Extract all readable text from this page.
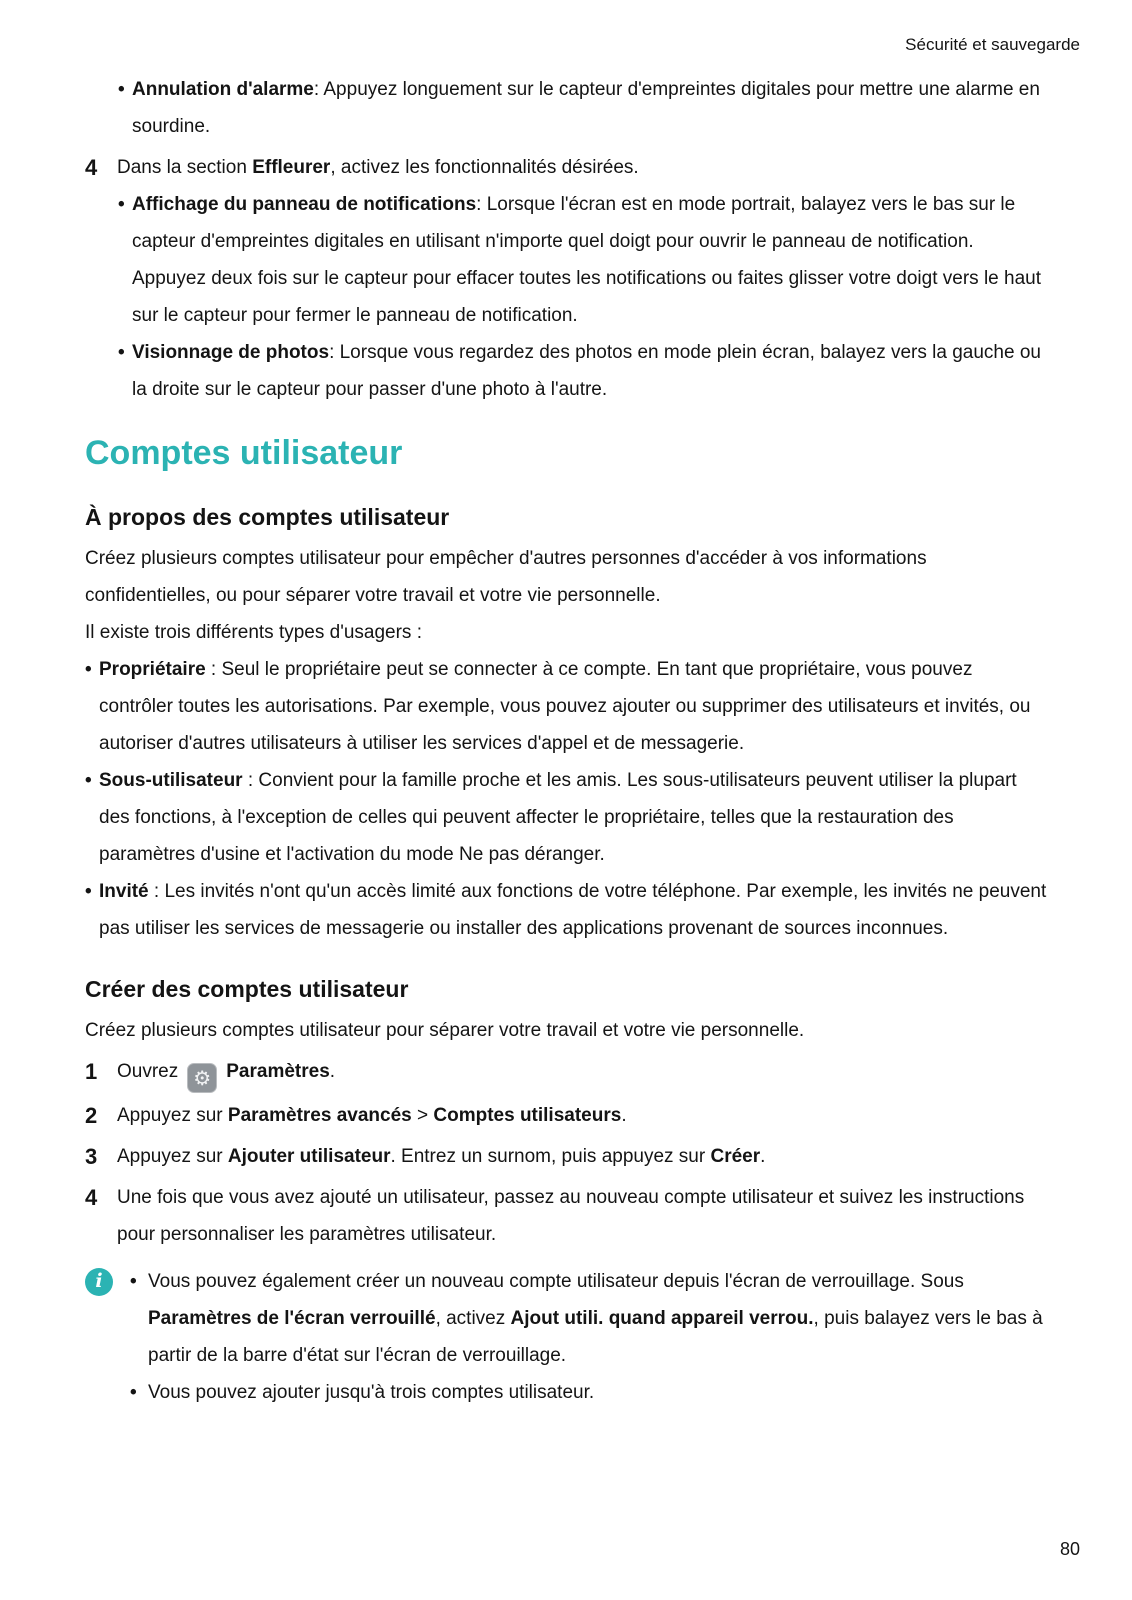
Sécurité et sauvegarde
•
Annulation d'alarme: Appuyez longuement sur le capteur d'empreintes digitales pour mettre une alarme en sourdine.
4	Dans la section Effleurer, activez les fonctionnalités désirées.
•
Affichage du panneau de notifications: Lorsque l'écran est en mode portrait, balayez vers le bas sur le capteur d'empreintes digitales en utilisant n'importe quel doigt pour ouvrir le panneau de notification. Appuyez deux fois sur le capteur pour effacer toutes les notifications ou faites glisser votre doigt vers le haut sur le capteur pour fermer le panneau de notification.
•
Visionnage de photos: Lorsque vous regardez des photos en mode plein écran, balayez vers la gauche ou la droite sur le capteur pour passer d'une photo à l'autre.
Comptes utilisateur
À propos des comptes utilisateur

Créez plusieurs comptes utilisateur pour empêcher d'autres personnes d'accéder à vos informations confidentielles, ou pour séparer votre travail et votre vie personnelle.

Il existe trois différents types d'usagers :

•
Propriétaire : Seul le propriétaire peut se connecter à ce compte. En tant que propriétaire, vous pouvez contrôler toutes les autorisations. Par exemple, vous pouvez ajouter ou supprimer des utilisateurs et invités, ou autoriser d'autres utilisateurs à utiliser les services d'appel et de messagerie.
•
Sous-utilisateur : Convient pour la famille proche et les amis. Les sous-utilisateurs peuvent utiliser la plupart des fonctions, à l'exception de celles qui peuvent affecter le propriétaire, telles que la restauration des paramètres d'usine et l'activation du mode Ne pas déranger.
•
Invité : Les invités n'ont qu'un accès limité aux fonctions de votre téléphone. Par exemple, les invités ne peuvent pas utiliser les services de messagerie ou installer des applications provenant de sources inconnues.
Créer des comptes utilisateur

Créez plusieurs comptes utilisateur pour séparer votre travail et votre vie personnelle.

1	Ouvrez ⚙ Paramètres.
2	Appuyez sur Paramètres avancés > Comptes utilisateurs.
3	Appuyez sur Ajouter utilisateur. Entrez un surnom, puis appuyez sur Créer.
4	Une fois que vous avez ajouté un utilisateur, passez au nouveau compte utilisateur et suivez les instructions pour personnaliser les paramètres utilisateur.
i •	Vous pouvez également créer un nouveau compte utilisateur depuis l'écran de verrouillage. Sous Paramètres de l'écran verrouillé, activez Ajout utili. quand appareil verrou., puis balayez vers le bas à partir de la barre d'état sur l'écran de verrouillage.
•
Vous pouvez ajouter jusqu'à trois comptes utilisateur.
80
